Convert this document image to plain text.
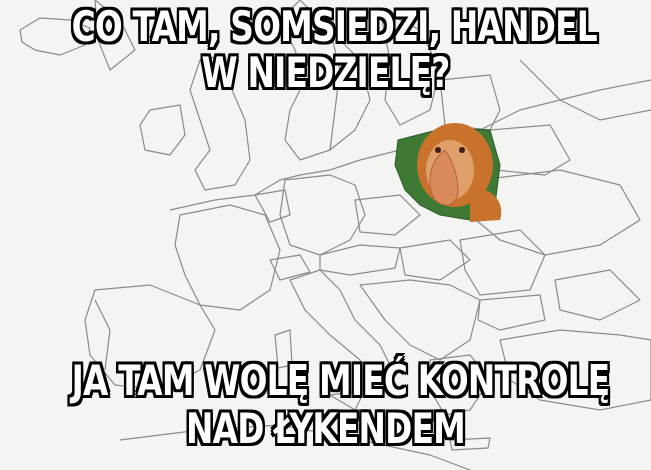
CO TAM, SOMSIEDZI, HANDEL
W NIEDZIELĘ?
JA TAM WOLĘ MIEĆ KONTROLĘ
NAD ŁYKENDEM
